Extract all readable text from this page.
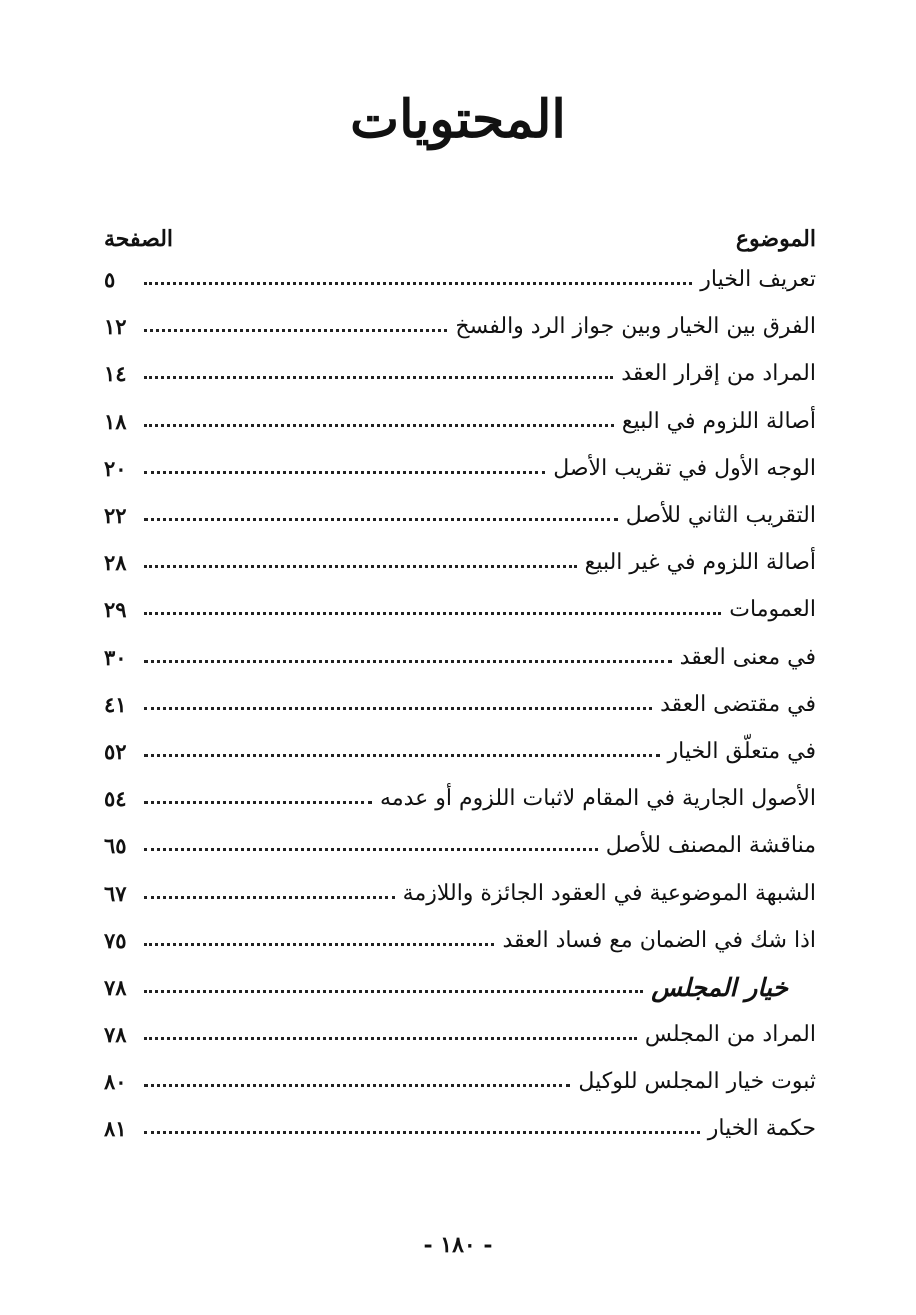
المحتويات
الموضوع
الصفحة
تعريف الخيار
٥
الفرق بين الخيار وبين جواز الرد والفسخ
١٢
المراد من إقرار العقد
١٤
أصالة اللزوم في البيع
١٨
الوجه الأول في تقريب الأصل
٢٠
التقريب الثاني للأصل
٢٢
أصالة اللزوم في غير البيع
٢٨
العمومات
٢٩
في معنى العقد
٣٠
في مقتضى العقد
٤١
في متعلّق الخيار
٥٢
الأصول الجارية في المقام لاثبات اللزوم أو عدمه
٥٤
مناقشة المصنف للأصل
٦٥
الشبهة الموضوعية في العقود الجائزة واللازمة
٦٧
اذا شك في الضمان مع فساد العقد
٧٥
خيار المجلس
٧٨
المراد من المجلس
٧٨
ثبوت خيار المجلس للوكيل
٨٠
حكمة الخيار
٨١
- ١٨٠ -
